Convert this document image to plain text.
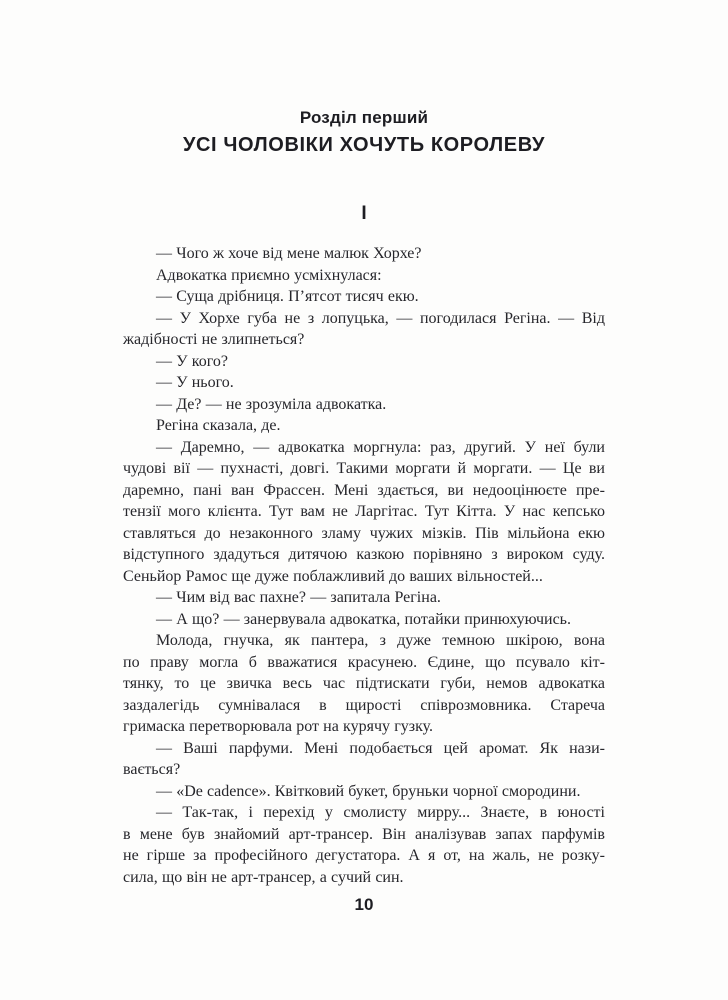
Розділ перший
УСІ ЧОЛОВІКИ ХОЧУТЬ КОРОЛЕВУ
I
— Чого ж хоче від мене малюк Хорхе?
Адвокатка приємно усміхнулася:
— Суща дрібниця. П’ятсот тисяч екю.
— У Хорхе губа не з лопуцька, — погодилася Регіна. — Від
жадібності не злипнеться?
— У кого?
— У нього.
— Де? — не зрозуміла адвокатка.
Регіна сказала, де.
— Даремно, — адвокатка моргнула: раз, другий. У неї були
чудові вії — пухнасті, довгі. Такими моргати й моргати. — Це ви
даремно, пані ван Фрассен. Мені здається, ви недооцінюєте пре-
тензії мого клієнта. Тут вам не Ларгітас. Тут Кітта. У нас кепсько
ставляться до незаконного зламу чужих мізків. Пів мільйона екю
відступного здадуться дитячою казкою порівняно з вироком суду.
Сеньйор Рамос ще дуже поблажливий до ваших вільностей...
— Чим від вас пахне? — запитала Регіна.
— А що? — занервувала адвокатка, потайки принюхуючись.
Молода, гнучка, як пантера, з дуже темною шкірою, вона
по праву могла б вважатися красунею. Єдине, що псувало кіт-
тянку, то це звичка весь час підтискати губи, немов адвокатка
заздалегідь сумнівалася в щирості співрозмовника. Стареча
гримаска перетворювала рот на курячу гузку.
— Ваші парфуми. Мені подобається цей аромат. Як нази-
вається?
— «De cadence». Квітковий букет, бруньки чорної смородини.
— Так-так, і перехід у смолисту мирру... Знаєте, в юності
в мене був знайомий арт-трансер. Він аналізував запах парфумів
не гірше за професійного дегустатора. А я от, на жаль, не розку-
сила, що він не арт-трансер, а сучий син.
10
